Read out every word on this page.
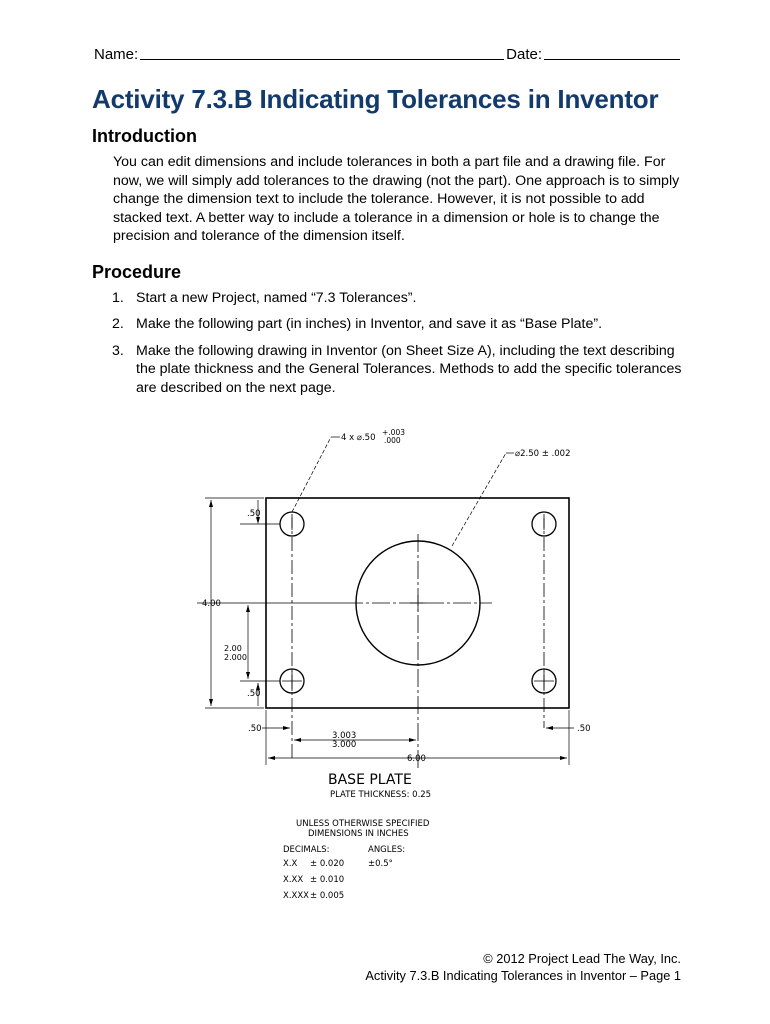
Name:	Date:
Activity 7.3.B Indicating Tolerances in Inventor
Introduction

You can edit dimensions and include tolerances in both a part file and a drawing file. For now, we will simply add tolerances to the drawing (not the part). One approach is to simply change the dimension text to include the tolerance. However, it is not possible to add stacked text. A better way to include a tolerance in a dimension or hole is to change the precision and tolerance of the dimension itself.

Procedure
1. Start a new Project, named “7.3 Tolerances”.
2. Make the following part (in inches) in Inventor, and save it as “Base Plate”.
3. Make the following drawing in Inventor (on Sheet Size A), including the text describing the plate thickness and the General Tolerances. Methods to add the specific tolerances are described on the next page.
4 x ⌀.50
+.003
.000
⌀2.50 ± .002
.50
4.00
2.00
2.000
.50
.50	.50
3.003
3.000
6.00
BASE PLATE
PLATE THICKNESS: 0.25
UNLESS OTHERWISE SPECIFIED
DIMENSIONS IN INCHES
DECIMALS:	ANGLES:
X.X ± 0.020	±0.5°
X.XX ± 0.010
X.XXX ± 0.005
© 2012 Project Lead The Way, Inc.
Activity 7.3.B Indicating Tolerances in Inventor – Page 1
